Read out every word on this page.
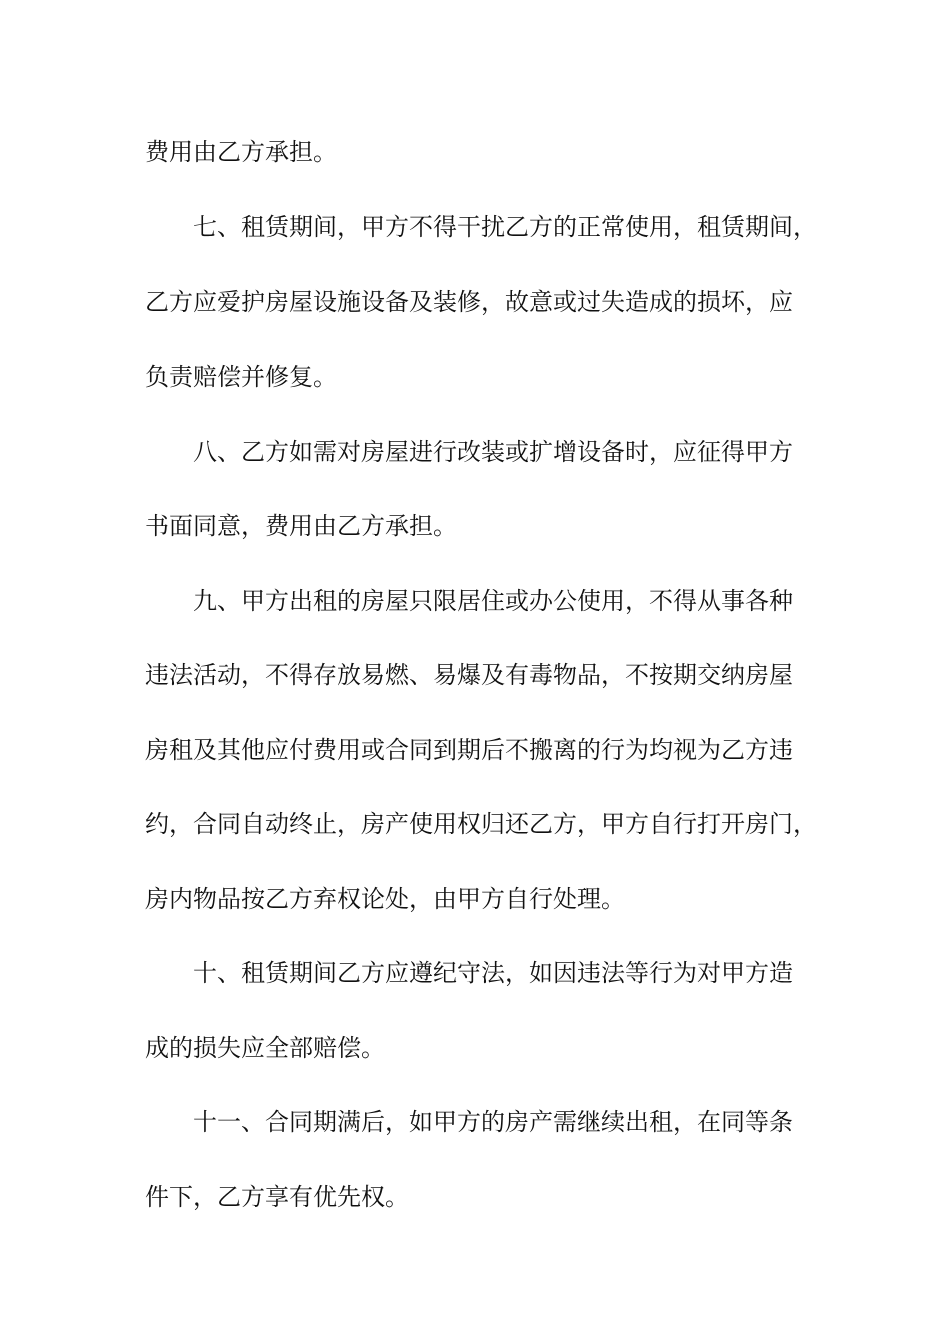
费用由乙方承担。
七、租赁期间，甲方不得干扰乙方的正常使用，租赁期间，
乙方应爱护房屋设施设备及装修，故意或过失造成的损坏，应
负责赔偿并修复。
八、乙方如需对房屋进行改装或扩增设备时，应征得甲方
书面同意，费用由乙方承担。
九、甲方出租的房屋只限居住或办公使用，不得从事各种
违法活动，不得存放易燃、易爆及有毒物品，不按期交纳房屋
房租及其他应付费用或合同到期后不搬离的行为均视为乙方违
约，合同自动终止，房产使用权归还乙方，甲方自行打开房门，
房内物品按乙方弃权论处，由甲方自行处理。
十、租赁期间乙方应遵纪守法，如因违法等行为对甲方造
成的损失应全部赔偿。
十一、合同期满后，如甲方的房产需继续出租，在同等条
件下，乙方享有优先权。
